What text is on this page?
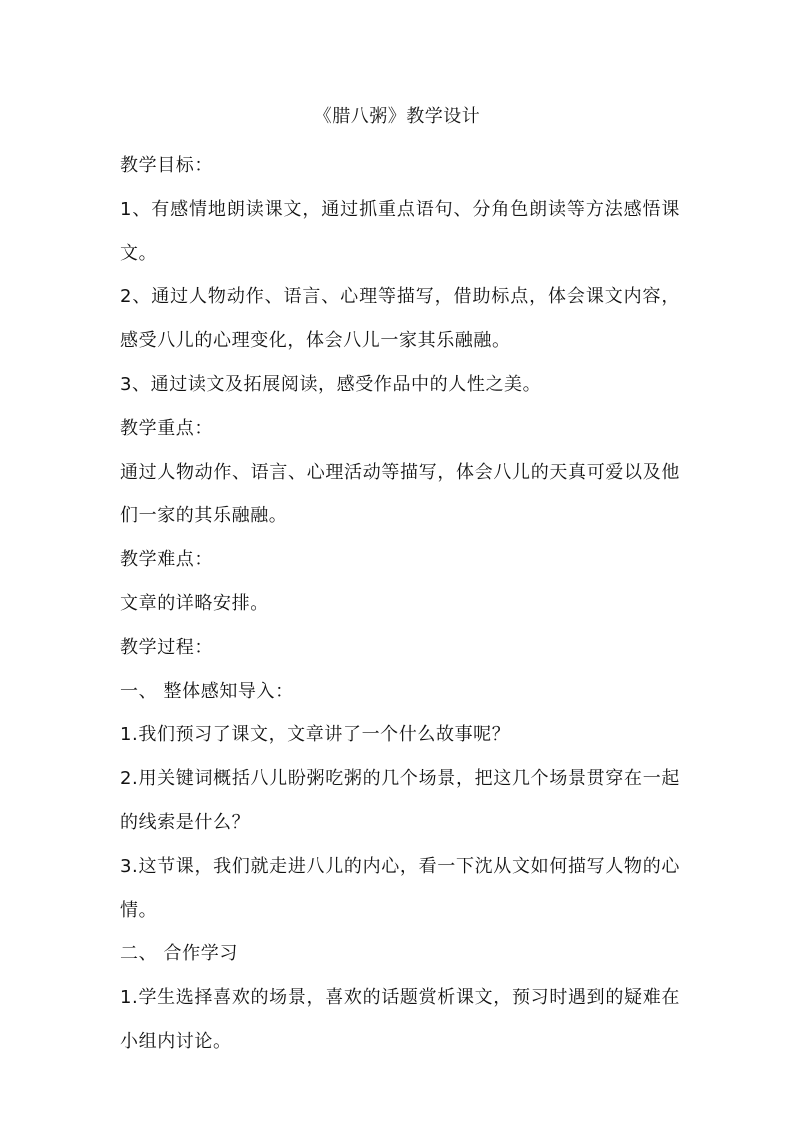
《腊八粥》教学设计

教学目标：

1、有感情地朗读课文，通过抓重点语句、分角色朗读等方法感悟课文。

2、通过人物动作、语言、心理等描写，借助标点，体会课文内容，感受八儿的心理变化，体会八儿一家其乐融融。

3、通过读文及拓展阅读，感受作品中的人性之美。

教学重点：

通过人物动作、语言、心理活动等描写，体会八儿的天真可爱以及他们一家的其乐融融。

教学难点：

文章的详略安排。

教学过程：

一、 整体感知导入：

1.我们预习了课文，文章讲了一个什么故事呢？

2.用关键词概括八儿盼粥吃粥的几个场景，把这几个场景贯穿在一起的线索是什么？

3.这节课，我们就走进八儿的内心，看一下沈从文如何描写人物的心情。

二、 合作学习

1.学生选择喜欢的场景，喜欢的话题赏析课文，预习时遇到的疑难在小组内讨论。
